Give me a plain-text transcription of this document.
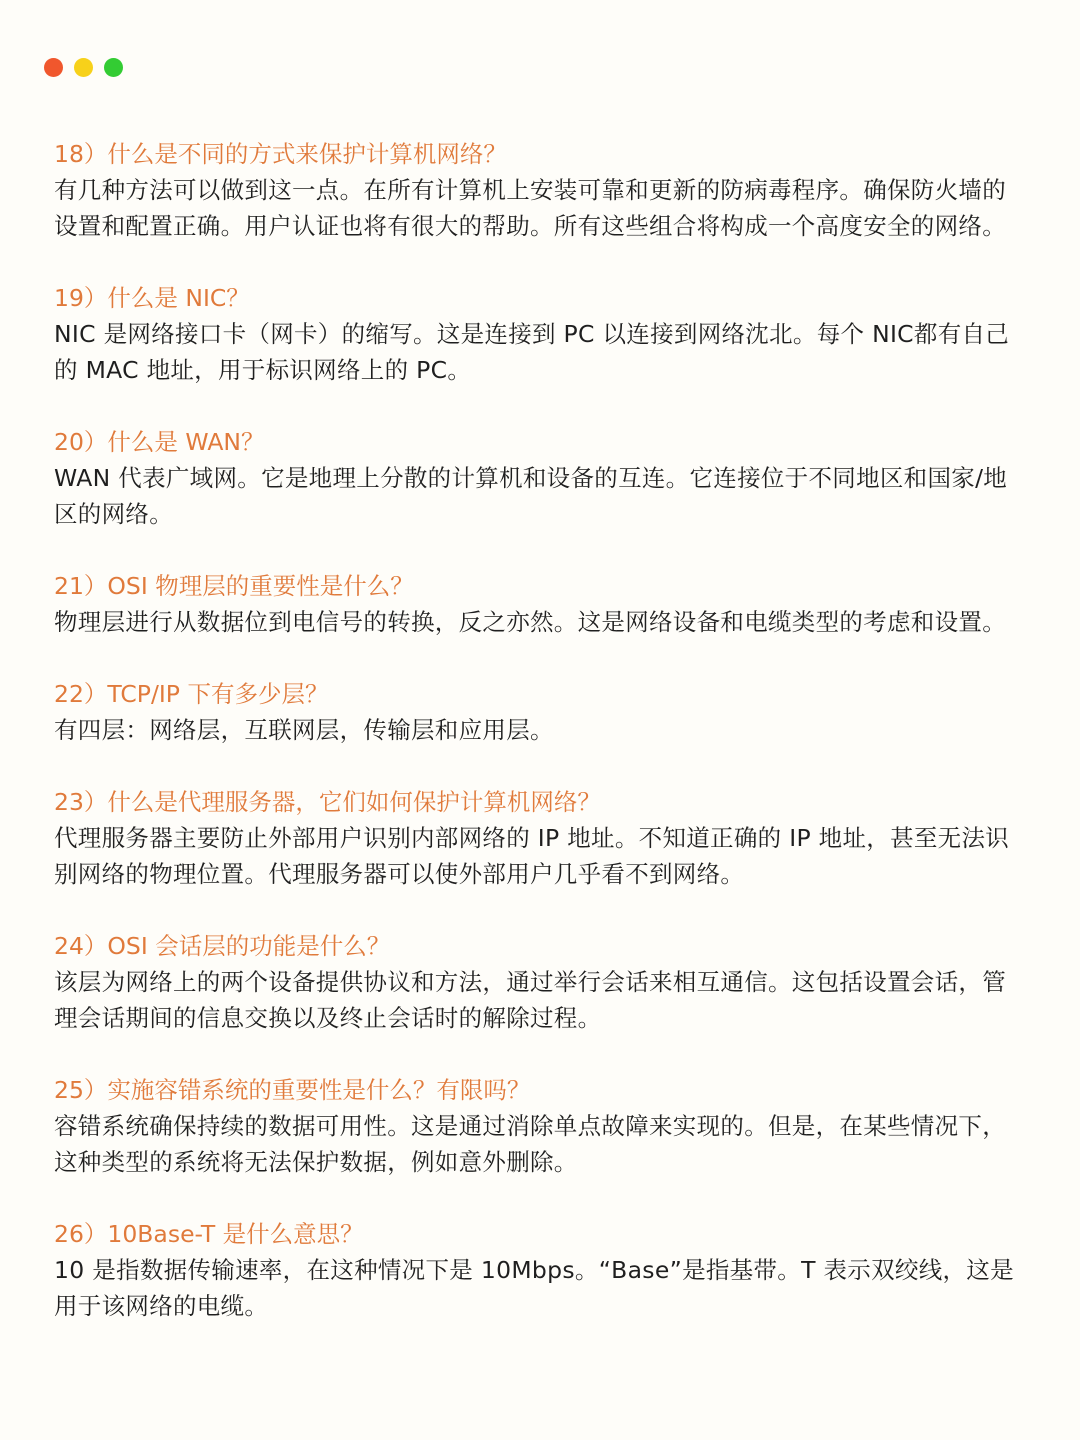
18）什么是不同的方式来保护计算机网络？

有几种方法可以做到这一点。在所有计算机上安装可靠和更新的防病毒程序。确保防火墙的设置和配置正确。用户认证也将有很大的帮助。所有这些组合将构成一个高度安全的网络。

19）什么是 NIC？

NIC 是网络接口卡（网卡）的缩写。这是连接到 PC 以连接到网络沈北。每个 NIC都有自己的 MAC 地址，用于标识网络上的 PC。

20）什么是 WAN？

WAN 代表广域网。它是地理上分散的计算机和设备的互连。它连接位于不同地区和国家/地区的网络。

21）OSI 物理层的重要性是什么？

物理层进行从数据位到电信号的转换，反之亦然。这是网络设备和电缆类型的考虑和设置。

22）TCP/IP 下有多少层？

有四层：网络层，互联网层，传输层和应用层。

23）什么是代理服务器，它们如何保护计算机网络？

代理服务器主要防止外部用户识别内部网络的 IP 地址。不知道正确的 IP 地址，甚至无法识别网络的物理位置。代理服务器可以使外部用户几乎看不到网络。

24）OSI 会话层的功能是什么？

该层为网络上的两个设备提供协议和方法，通过举行会话来相互通信。这包括设置会话，管理会话期间的信息交换以及终止会话时的解除过程。

25）实施容错系统的重要性是什么？有限吗？

容错系统确保持续的数据可用性。这是通过消除单点故障来实现的。但是，在某些情况下，这种类型的系统将无法保护数据，例如意外删除。

26）10Base-T 是什么意思？

10 是指数据传输速率，在这种情况下是 10Mbps。“Base”是指基带。T 表示双绞线，这是用于该网络的电缆。
